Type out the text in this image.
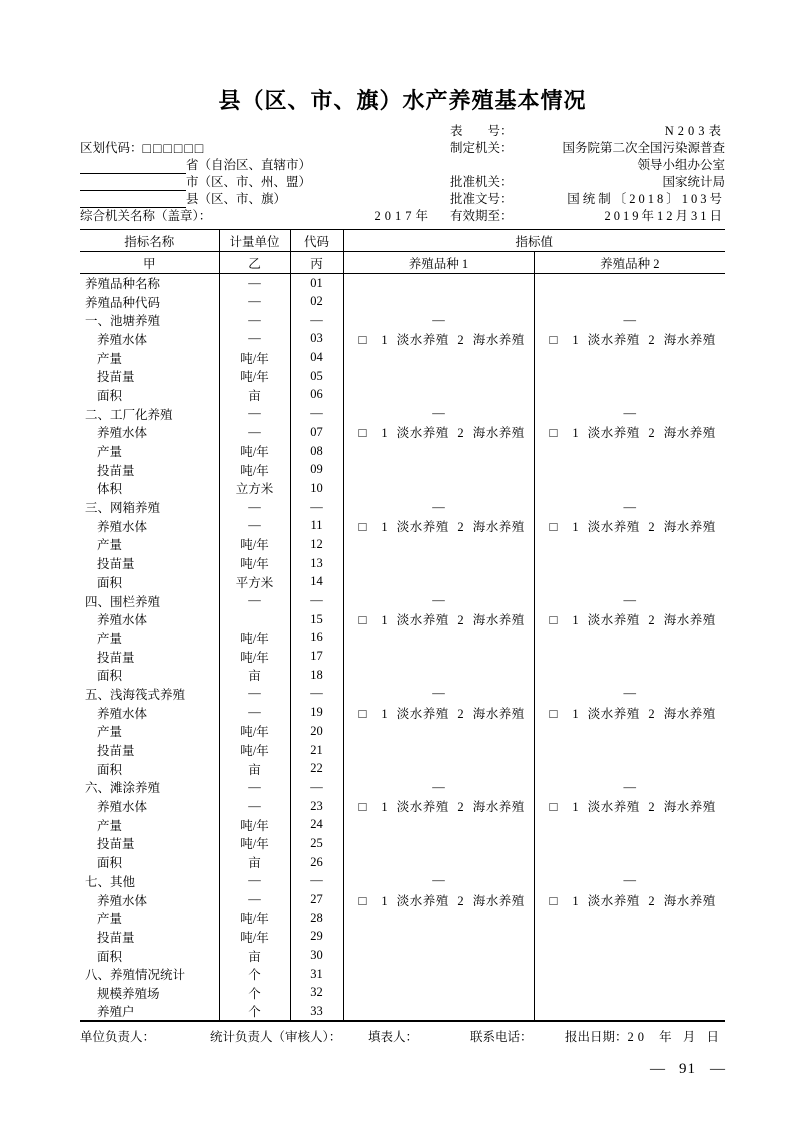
县（区、市、旗）水产养殖基本情况
表　　号：	N203表
区划代码： □□□□□□	制定机关：	国务院第二次全国污染源普查
省（自治区、直辖市）	领导小组办公室
市（区、市、州、盟）	批准机关：	国家统计局
县（区、市、旗）	批准文号：	国统制〔2018〕103号
综合机关名称（盖章）：	2017年	有效期至：	2019年12月31日
指标名称	计量单位	代码	指标值	
甲	乙	丙	养殖品种 1	养殖品种 2
养殖品种名称	—	01		
养殖品种代码	—	02		
一、池塘养殖	—	—	—	—
养殖水体	—	03	□ 1 淡水养殖 2 海水养殖	□ 1 淡水养殖 2 海水养殖
产量	吨/年	04		
投苗量	吨/年	05		
面积	亩	06		
二、工厂化养殖	—	—	—	—
养殖水体	—	07	□ 1 淡水养殖 2 海水养殖	□ 1 淡水养殖 2 海水养殖
产量	吨/年	08		
投苗量	吨/年	09		
体积	立方米	10		
三、网箱养殖	—	—	—	—
养殖水体	—	11	□ 1 淡水养殖 2 海水养殖	□ 1 淡水养殖 2 海水养殖
产量	吨/年	12		
投苗量	吨/年	13		
面积	平方米	14		
四、围栏养殖	—	—	—	—
养殖水体		15	□ 1 淡水养殖 2 海水养殖	□ 1 淡水养殖 2 海水养殖
产量	吨/年	16		
投苗量	吨/年	17		
面积	亩	18		
五、浅海筏式养殖	—	—	—	—
养殖水体	—	19	□ 1 淡水养殖 2 海水养殖	□ 1 淡水养殖 2 海水养殖
产量	吨/年	20		
投苗量	吨/年	21		
面积	亩	22		
六、滩涂养殖	—	—	—	—
养殖水体	—	23	□ 1 淡水养殖 2 海水养殖	□ 1 淡水养殖 2 海水养殖
产量	吨/年	24		
投苗量	吨/年	25		
面积	亩	26		
七、其他	—	—	—	—
养殖水体	—	27	□ 1 淡水养殖 2 海水养殖	□ 1 淡水养殖 2 海水养殖
产量	吨/年	28		
投苗量	吨/年	29		
面积	亩	30		
八、养殖情况统计	个	31		
规模养殖场	个	32		
养殖户	个	33		
单位负责人：	统计负责人（审核人）：	填表人：	联系电话：	报出日期：20 年 月 日
— 91 —
